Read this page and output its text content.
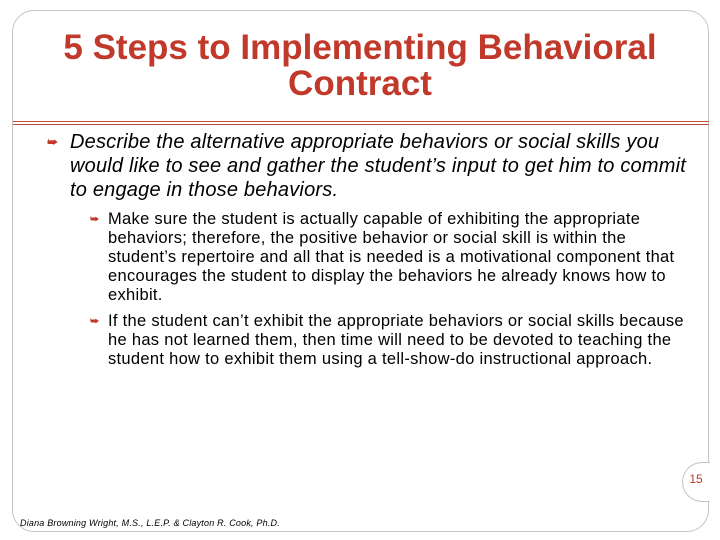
5 Steps to Implementing Behavioral Contract
⮩ Describe the alternative appropriate behaviors or social skills you would like to see and gather the student’s input to get him to commit to engage in those behaviors.
⮩ Make sure the student is actually capable of exhibiting the appropriate behaviors; therefore, the positive behavior or social skill is within the student’s repertoire and all that is needed is a motivational component that encourages the student to display the behaviors he already knows how to exhibit.
⮩ If the student can’t exhibit the appropriate behaviors or social skills because he has not learned them, then time will need to be devoted to teaching the student how to exhibit them using a tell-show-do instructional approach.
Diana Browning Wright, M.S., L.E.P. & Clayton R. Cook, Ph.D.
15
